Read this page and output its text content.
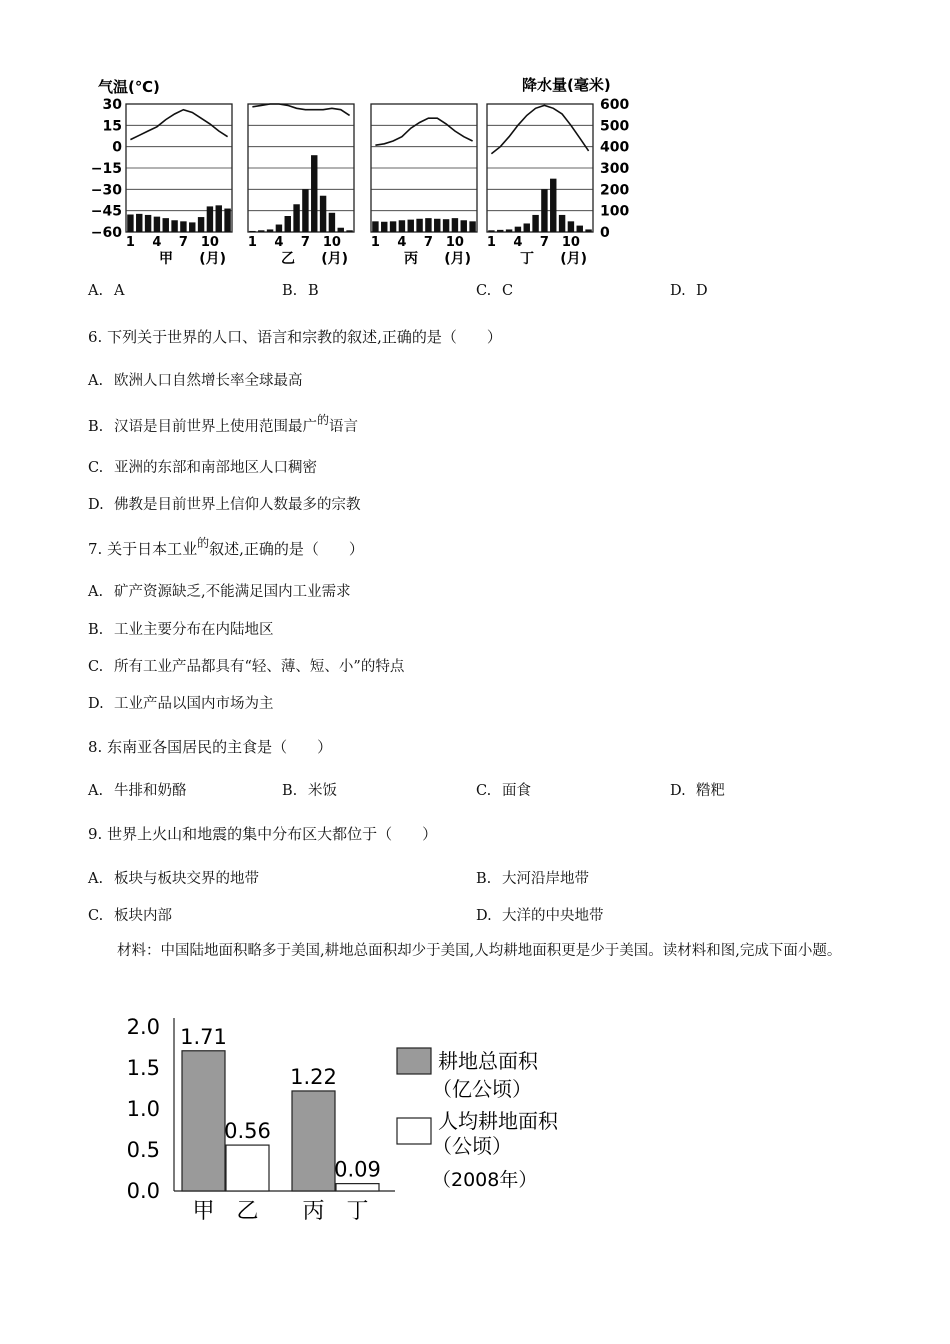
气温(℃)	降水量(毫米)
30
15
0
−15
−30
−45
−60
600
500
400
300
200
100
0
1 4 7 10
甲 (月)
1 4 7 10
乙 (月)
1 4 7 10
丙 (月)
1 4 7 10
丁 (月)
A. A	B. B	C. C	D. D
6. 下列关于世界的人口、语言和宗教的叙述,正确的是（　　）
A. 欧洲人口自然增长率全球最高
B. 汉语是目前世界上使用范围最广$^的$语言
C. 亚洲的东部和南部地区人口稠密
D. 佛教是目前世界上信仰人数最多的宗教
7. 关于日本工业$^的$叙述,正确的是（　　）
A. 矿产资源缺乏,不能满足国内工业需求
B. 工业主要分布在内陆地区
C. 所有工业产品都具有“轻、薄、短、小”的特点
D. 工业产品以国内市场为主
8. 东南亚各国居民的主食是（　　）
A. 牛排和奶酪	B. 米饭	C. 面食	D. 糌粑
9. 世界上火山和地震的集中分布区大都位于（　　）
A. 板块与板块交界的地带	B. 大河沿岸地带
C. 板块内部	D. 大洋的中央地带
材料：中国陆地面积略多于美国,耕地总面积却少于美国,人均耕地面积更是少于美国。读材料和图,完成下面小题。
2.0
1.5
1.0
0.5
0.0
1.71
0.56
1.22
0.09
甲 乙 丙 丁
耕地总面积
（亿公顷）
人均耕地面积
（公顷）
（2008年）
